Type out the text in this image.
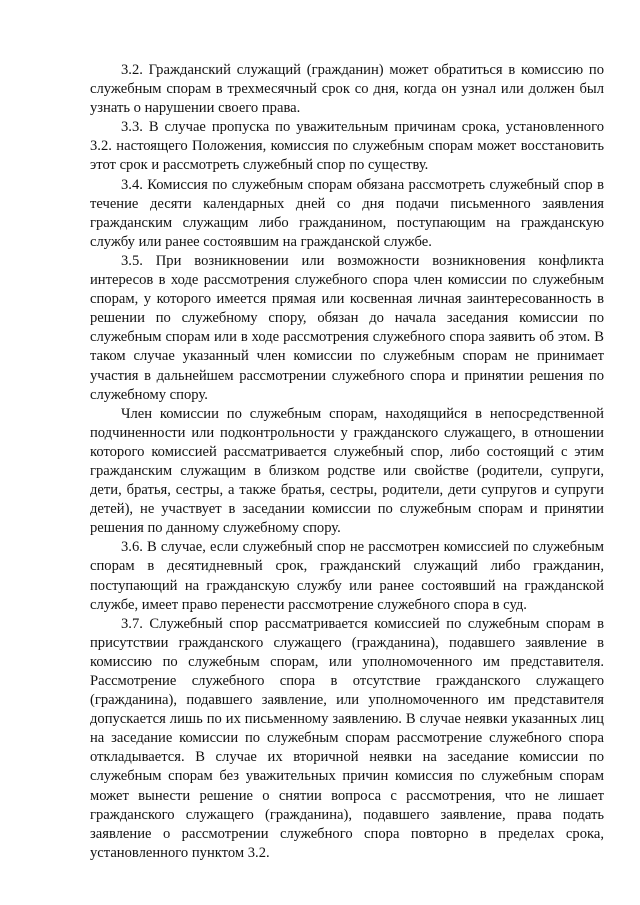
3.2. Гражданский служащий (гражданин) может обратиться в комиссию по служебным спорам в трехмесячный срок со дня, когда он узнал или должен был узнать о нарушении своего права.

3.3. В случае пропуска по уважительным причинам срока, установленного 3.2. настоящего Положения, комиссия по служебным спорам может восстановить этот срок и рассмотреть служебный спор по существу.

3.4. Комиссия по служебным спорам обязана рассмотреть служебный спор в течение десяти календарных дней со дня подачи письменного заявления гражданским служащим либо гражданином, поступающим на гражданскую службу или ранее состоявшим на гражданской службе.

3.5. При возникновении или возможности возникновения конфликта интересов в ходе рассмотрения служебного спора член комиссии по служебным спорам, у которого имеется прямая или косвенная личная заинтересованность в решении по служебному спору, обязан до начала заседания комиссии по служебным спорам или в ходе рассмотрения служебного спора заявить об этом. В таком случае указанный член комиссии по служебным спорам не принимает участия в дальнейшем рассмотрении служебного спора и принятии решения по служебному спору.

Член комиссии по служебным спорам, находящийся в непосредственной подчиненности или подконтрольности у гражданского служащего, в отношении которого комиссией рассматривается служебный спор, либо состоящий с этим гражданским служащим в близком родстве или свойстве (родители, супруги, дети, братья, сестры, а также братья, сестры, родители, дети супругов и супруги детей), не участвует в заседании комиссии по служебным спорам и принятии решения по данному служебному спору.

3.6. В случае, если служебный спор не рассмотрен комиссией по служебным спорам в десятидневный срок, гражданский служащий либо гражданин, поступающий на гражданскую службу или ранее состоявший на гражданской службе, имеет право перенести рассмотрение служебного спора в суд.

3.7. Служебный спор рассматривается комиссией по служебным спорам в присутствии гражданского служащего (гражданина), подавшего заявление в комиссию по служебным спорам, или уполномоченного им представителя. Рассмотрение служебного спора в отсутствие гражданского служащего (гражданина), подавшего заявление, или уполномоченного им представителя допускается лишь по их письменному заявлению. В случае неявки указанных лиц на заседание комиссии по служебным спорам рассмотрение служебного спора откладывается. В случае их вторичной неявки на заседание комиссии по служебным спорам без уважительных причин комиссия по служебным спорам может вынести решение о снятии вопроса с рассмотрения, что не лишает гражданского служащего (гражданина), подавшего заявление, права подать заявление о рассмотрении служебного спора повторно в пределах срока, установленного пунктом 3.2.
